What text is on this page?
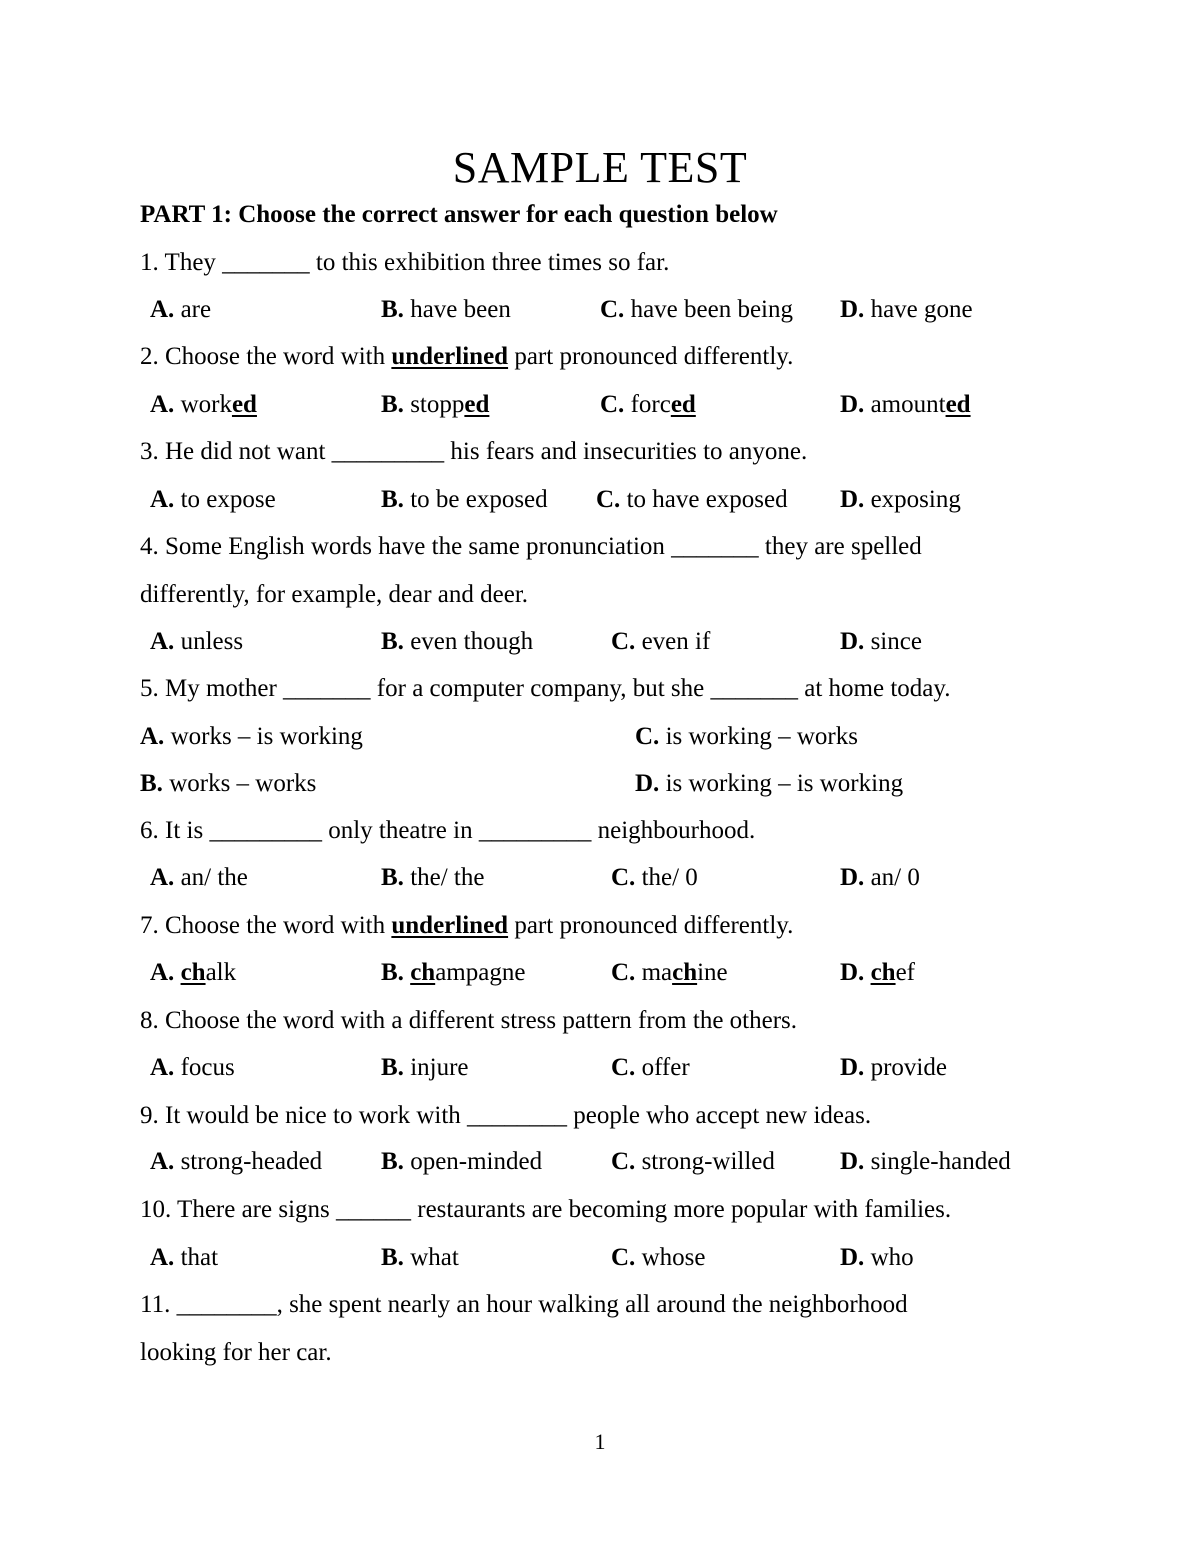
SAMPLE TEST
PART 1: Choose the correct answer for each question below
1. They _______ to this exhibition three times so far.
A. are	B. have been	C. have been being D. have gone
2. Choose the word with underlined part pronounced differently.
A. worked	B. stopped	C. forced	D. amounted
3. He did not want _________ his fears and insecurities to anyone.
A. to expose	B. to be exposed C. to have exposed D. exposing
4. Some English words have the same pronunciation _______ they are spelled
differently, for example, dear and deer.
A. unless	B. even though	C. even if	D. since
5. My mother _______ for a computer company, but she _______ at home today.
A. works – is working	C. is working – works
B. works – works	D. is working – is working
6. It is _________ only theatre in _________ neighbourhood.
A. an/ the	B. the/ the	C. the/ 0	D. an/ 0
7. Choose the word with underlined part pronounced differently.
A. chalk	B. champagne	C. machine	D. chef
8. Choose the word with a different stress pattern from the others.
A. focus	B. injure	C. offer	D. provide
9. It would be nice to work with ________ people who accept new ideas.
A. strong-headed B. open-minded	C. strong-willed	D. single-handed
10. There are signs ______ restaurants are becoming more popular with families.
A. that	B. what	C. whose	D. who
11. ________, she spent nearly an hour walking all around the neighborhood
looking for her car.
1
